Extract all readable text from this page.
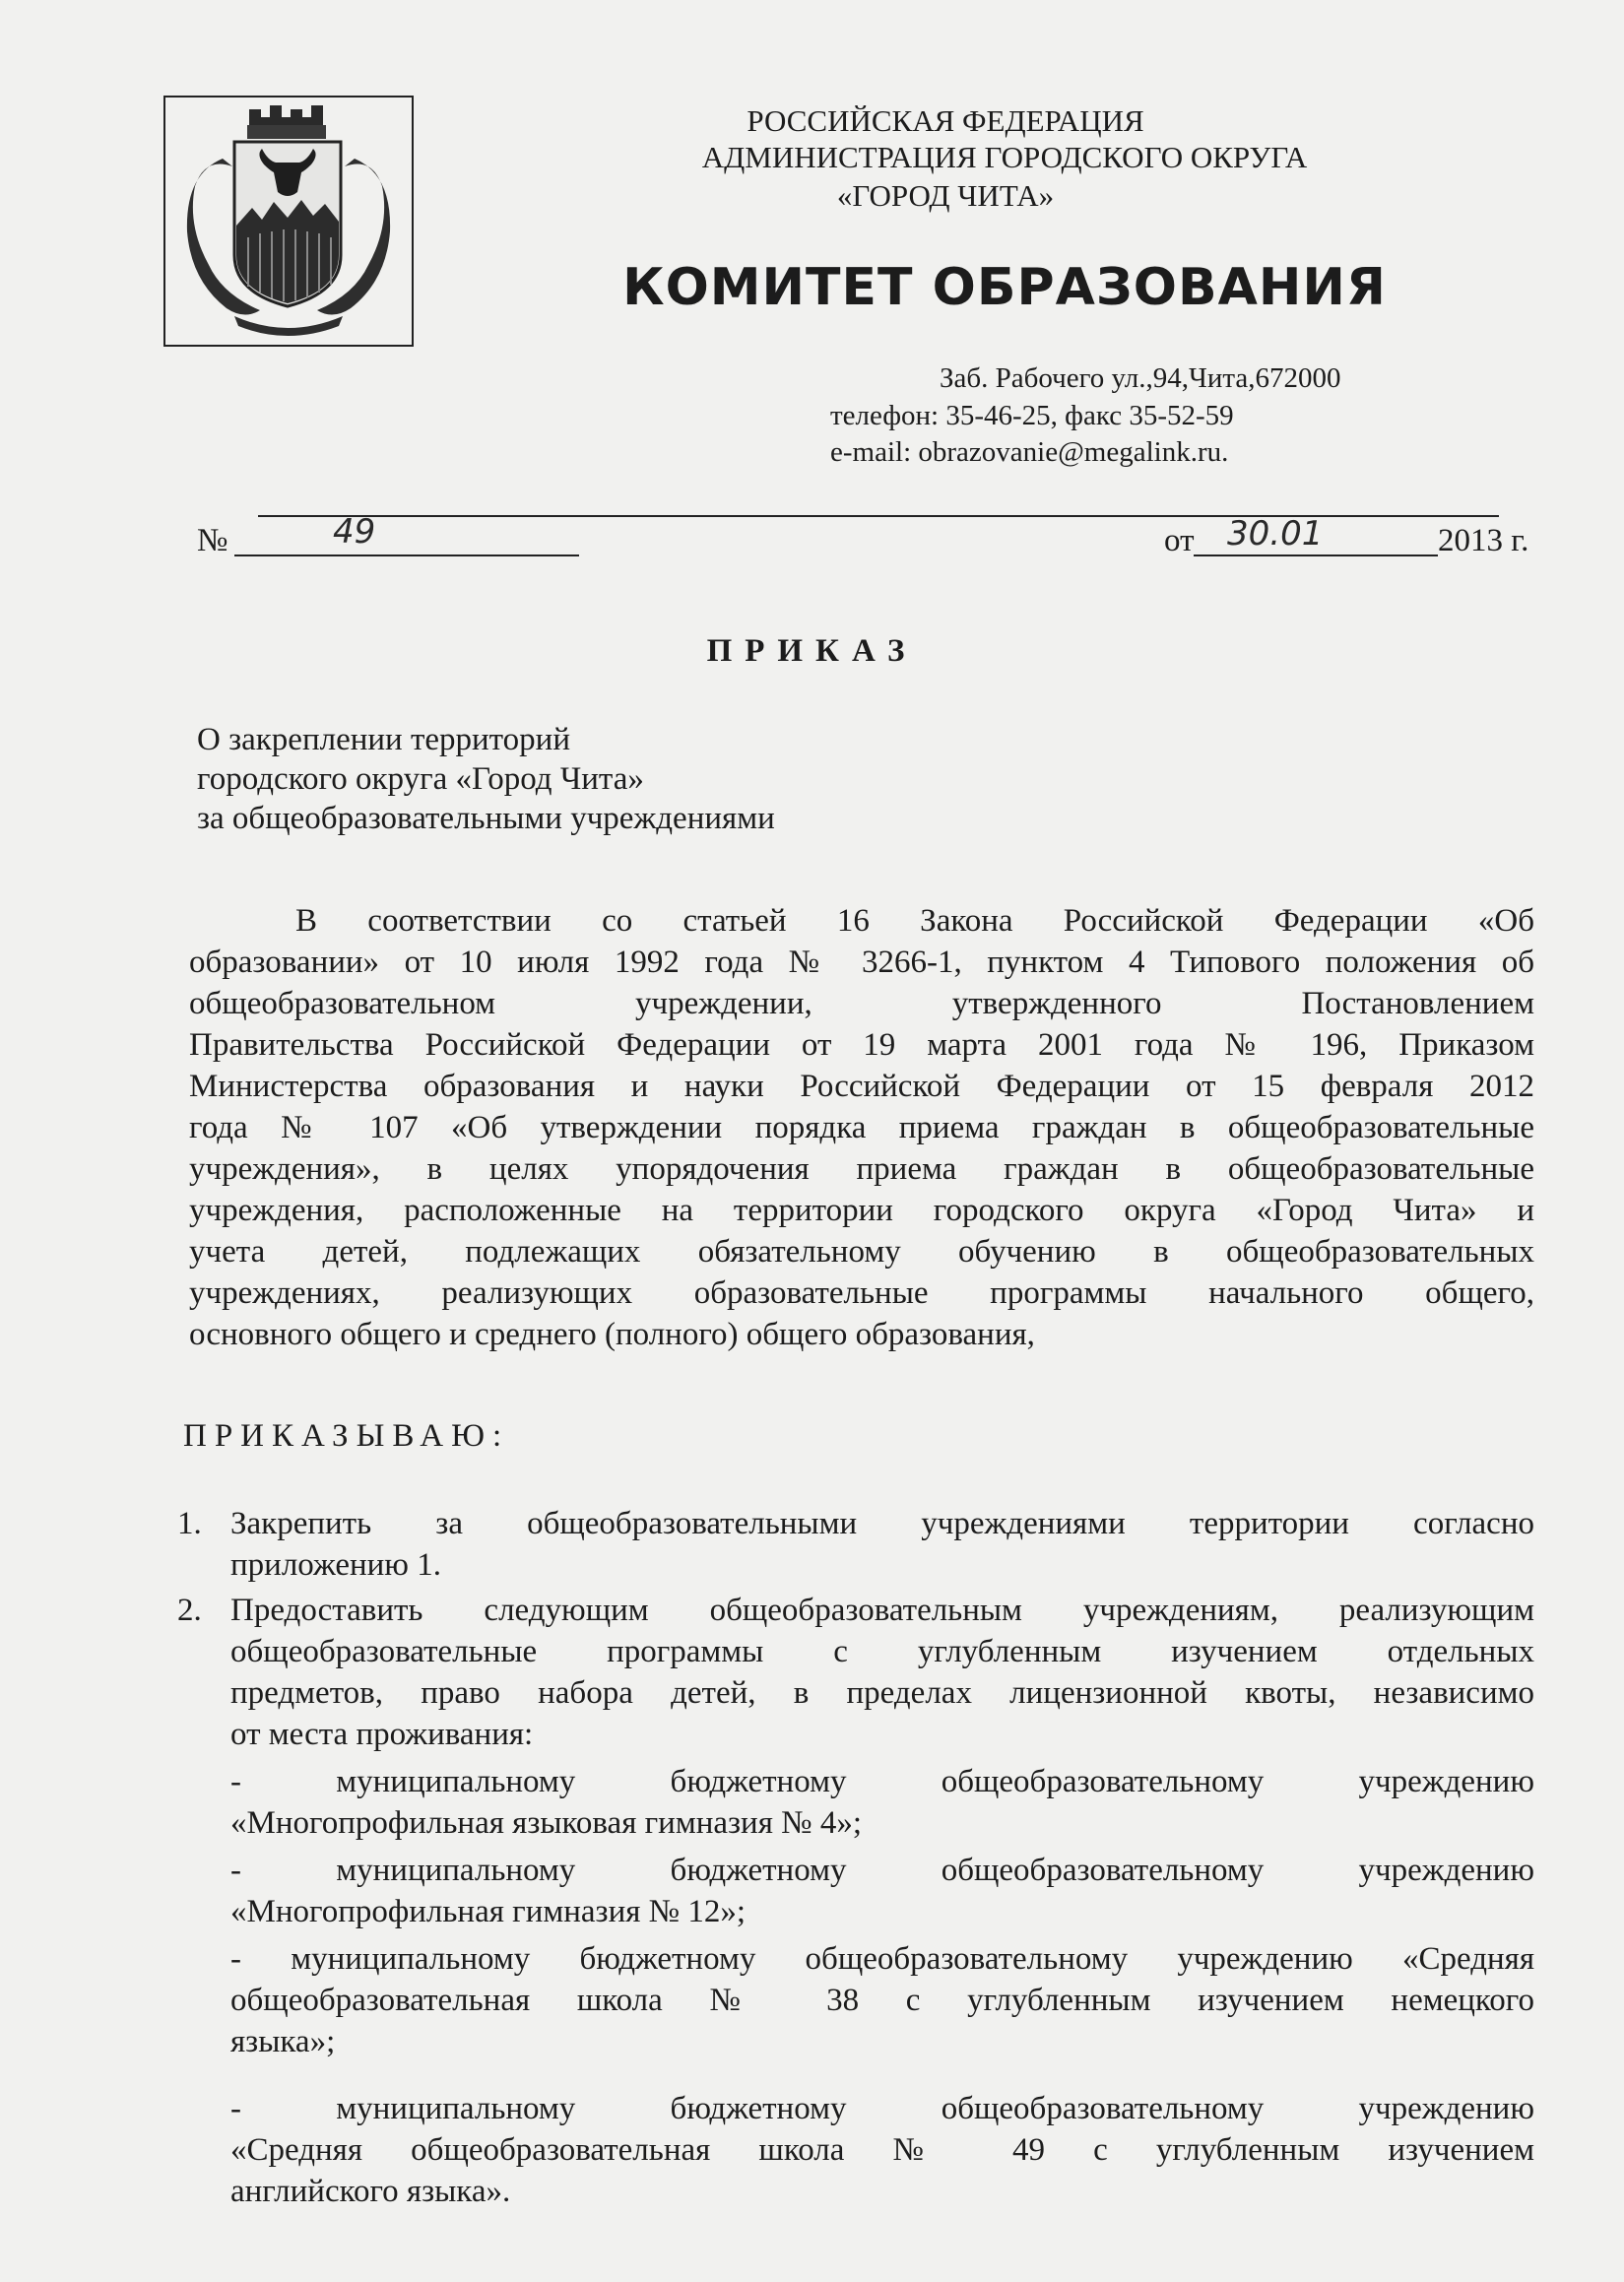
РОССИЙСКАЯ ФЕДЕРАЦИЯ
АДМИНИСТРАЦИЯ ГОРОДСКОГО ОКРУГА
«ГОРОД ЧИТА»
КОМИТЕТ ОБРАЗОВАНИЯ
Заб. Рабочего ул.,94,Чита,672000
телефон: 35-46-25, факс 35-52-59
e-mail: obrazovanie@megalink.ru.
№	49	от 30.01	2013 г.
ПРИКАЗ
О закреплении территорий
городского округа «Город Чита»
за общеобразовательными учреждениями
В соответствии со статьей 16 Закона Российской Федерации «Об
образовании» от 10 июля 1992 года № 3266-1, пунктом 4 Типового положения об
общеобразовательном учреждении, утвержденного Постановлением
Правительства Российской Федерации от 19 марта 2001 года № 196, Приказом
Министерства образования и науки Российской Федерации от 15 февраля 2012
года № 107 «Об утверждении порядка приема граждан в общеобразовательные
учреждения», в целях упорядочения приема граждан в общеобразовательные
учреждения, расположенные на территории городского округа «Город Чита» и
учета детей, подлежащих обязательному обучению в общеобразовательных
учреждениях, реализующих образовательные программы начального общего,
основного общего и среднего (полного) общего образования,
ПРИКАЗЫВАЮ:
1. Закрепить за общеобразовательными учреждениями территории согласно
приложению 1.
2. Предоставить следующим общеобразовательным учреждениям, реализующим
общеобразовательные программы с углубленным изучением отдельных
предметов, право набора детей, в пределах лицензионной квоты, независимо
от места проживания:
- муниципальному бюджетному общеобразовательному учреждению
«Многопрофильная языковая гимназия № 4»;
- муниципальному бюджетному общеобразовательному учреждению
«Многопрофильная гимназия № 12»;
- муниципальному бюджетному общеобразовательному учреждению «Средняя
общеобразовательная школа № 38 с углубленным изучением немецкого
языка»;
- муниципальному бюджетному общеобразовательному учреждению
«Средняя общеобразовательная школа № 49 с углубленным изучением
английского языка».
